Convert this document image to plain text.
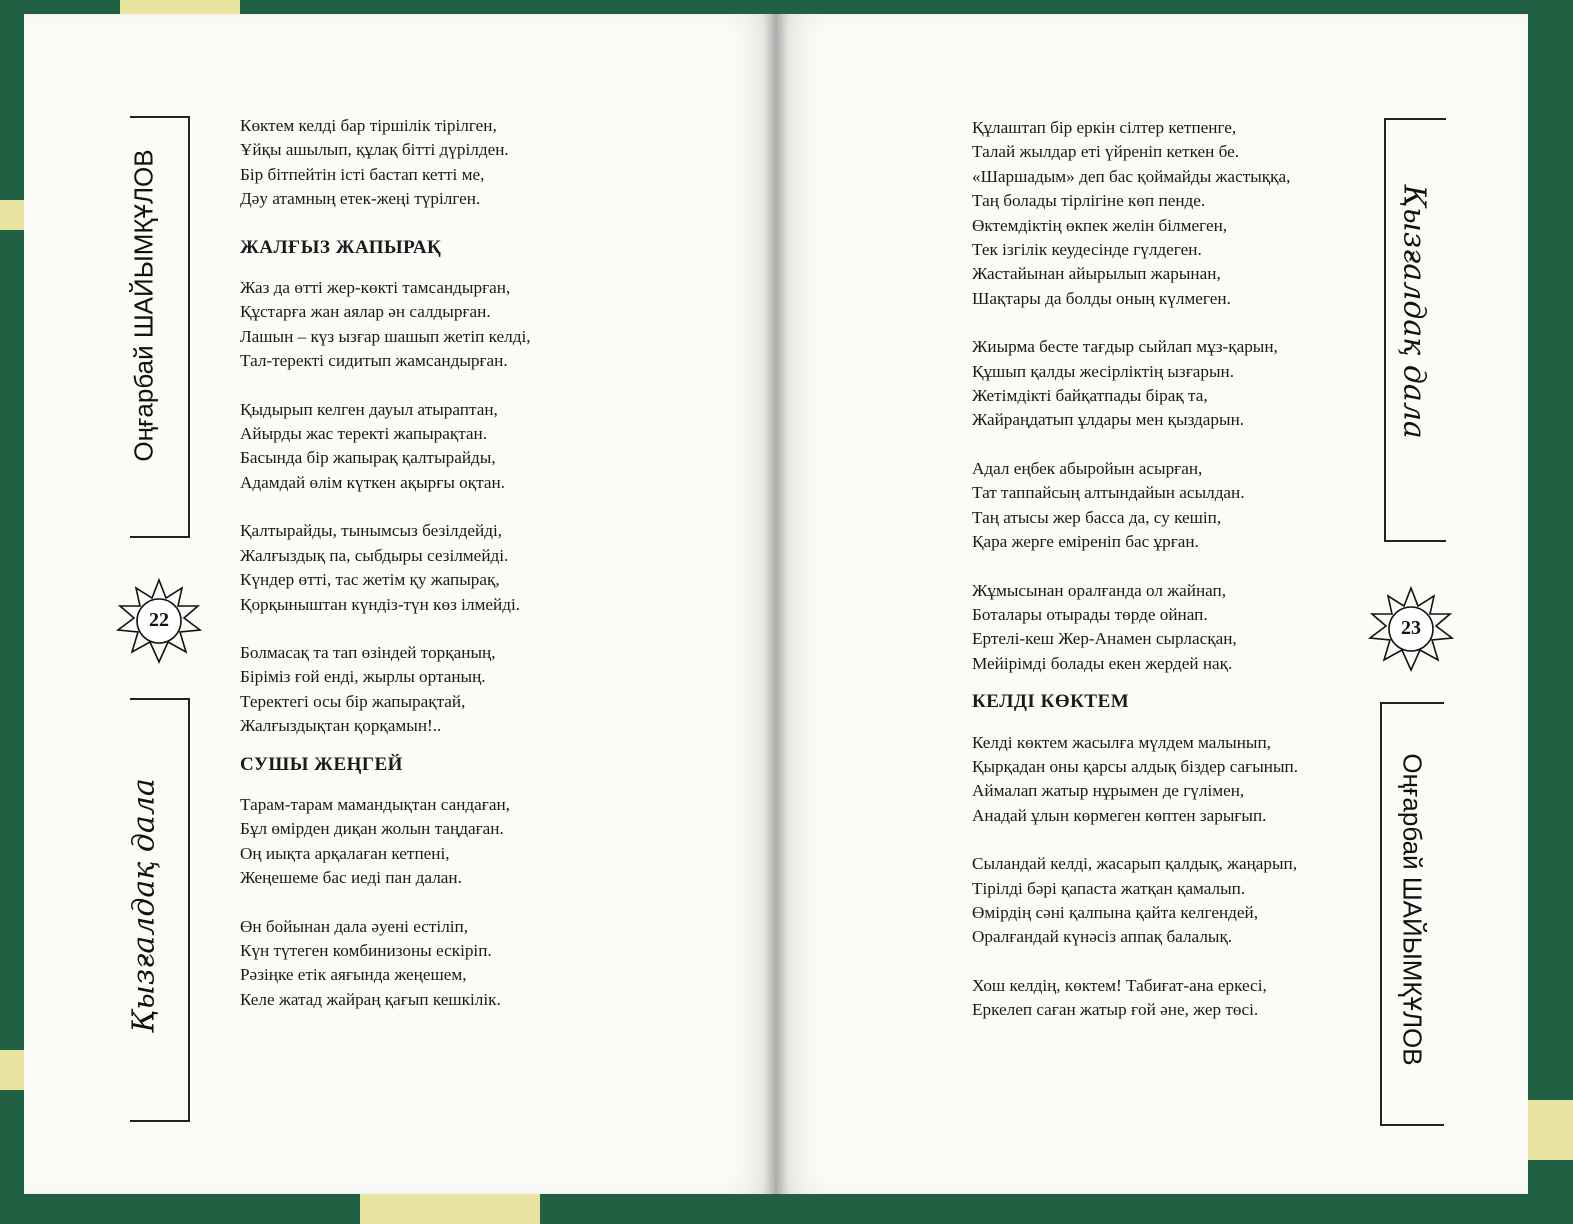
Оңғарбай ШАЙЫМҚҰЛОВ
22
Қызғалдақ дала
Көктем келді бар тіршілік тірілген,
Ұйқы ашылып, құлақ бітті дүрілден.
Бір бітпейтін істі бастап кетті ме,
Дәу атамның етек-жеңі түрілген.
ЖАЛҒЫЗ ЖАПЫРАҚ
Жаз да өтті жер-көкті тамсандырған,
Құстарға жан аялар ән салдырған.
Лашын – күз ызғар шашып жетіп келді,
Тал-теректі сидитып жамсандырған.
Қыдырып келген дауыл атыраптан,
Айырды жас теректі жапырақтан.
Басында бір жапырақ қалтырайды,
Адамдай өлім күткен ақырғы оқтан.
Қалтырайды, тынымсыз безілдейді,
Жалғыздық па, сыбдыры сезілмейді.
Күндер өтті, тас жетім қу жапырақ,
Қорқыныштан күндіз-түн көз ілмейді.
Болмасақ та тап өзіндей торқаның,
Біріміз ғой енді, жырлы ортаның.
Теректегі осы бір жапырақтай,
Жалғыздықтан қорқамын!..
СУШЫ ЖЕҢГЕЙ
Тарам-тарам мамандықтан сандаған,
Бұл өмірден диқан жолын таңдаған.
Оң иықта арқалаған кетпені,
Жеңешеме бас иеді пан далан.
Өн бойынан дала әуені естіліп,
Күн түтеген комбинизоны ескіріп.
Рәзіңке етік аяғында жеңешем,
Келе жатад жайраң қағып кешкілік.
Қызғалдақ дала
23
Оңғарбай ШАЙЫМҚҰЛОВ
Құлаштап бір еркін сілтер кетпенге,
Талай жылдар еті үйреніп кеткен бе.
«Шаршадым» деп бас қоймайды жастыққа,
Таң болады тірлігіне көп пенде.
Өктемдіктің өкпек желін білмеген,
Тек ізгілік кеудесінде гүлдеген.
Жастайынан айырылып жарынан,
Шақтары да болды оның күлмеген.
Жиырма бесте тағдыр сыйлап мұз-қарын,
Құшып қалды жесірліктің ызғарын.
Жетімдікті байқатпады бірақ та,
Жайраңдатып ұлдары мен қыздарын.
Адал еңбек абыройын асырған,
Тат таппайсың алтындайын асылдан.
Таң атысы жер басса да, су кешіп,
Қара жерге еміреніп бас ұрған.
Жұмысынан оралғанда ол жайнап,
Боталары отырады төрде ойнап.
Ертелі-кеш Жер-Анамен сырласқан,
Мейірімді болады екен жердей нақ.
КЕЛДІ КӨКТЕМ
Келді көктем жасылға мүлдем малынып,
Қырқадан оны қарсы алдық біздер сағынып.
Аймалап жатыр нұрымен де гүлімен,
Анадай ұлын көрмеген көптен зарығып.
Сыландай келді, жасарып қалдық, жаңарып,
Тірілді бәрі қапаста жатқан қамалып.
Өмірдің сәні қалпына қайта келгендей,
Оралғандай күнәсіз аппақ балалық.
Хош келдің, көктем! Табиғат-ана еркесі,
Еркелеп саған жатыр ғой әне, жер төсі.
